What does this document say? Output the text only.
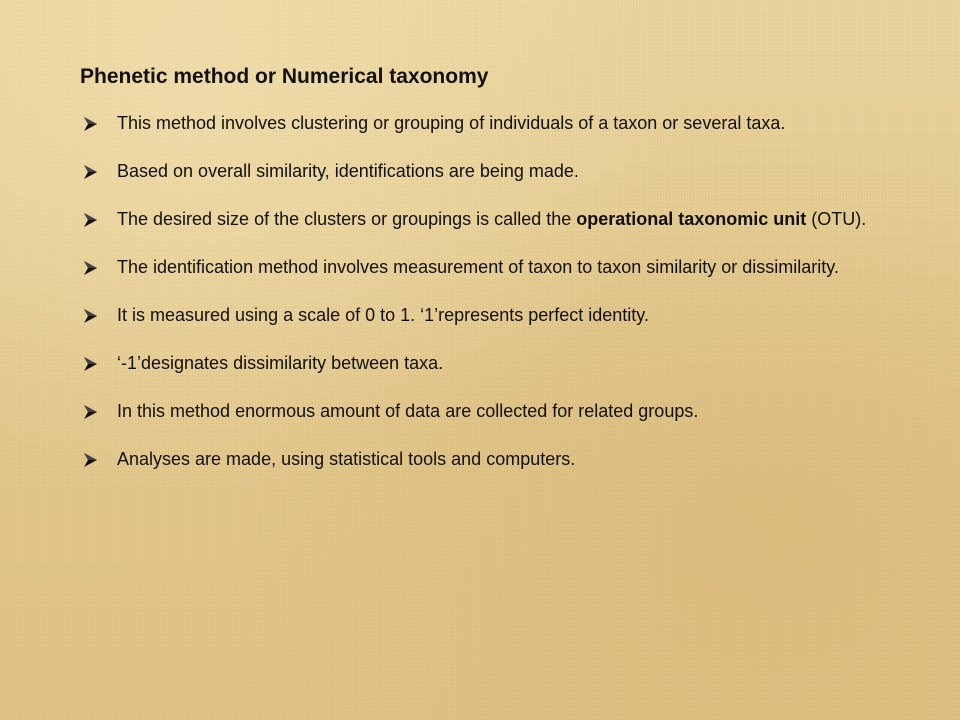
Phenetic method or Numerical taxonomy
This method involves clustering or grouping of individuals of a taxon or several taxa.
Based on overall similarity, identifications are being made.
The desired size of the clusters or groupings is called the operational taxonomic unit (OTU).
The identification method involves measurement of taxon to taxon similarity or dissimilarity.
It is measured using a scale of 0 to 1. ‘1’represents perfect identity.
‘-1’designates dissimilarity between taxa.
In this method enormous amount of data are collected for related groups.
Analyses are made, using statistical tools and computers.
